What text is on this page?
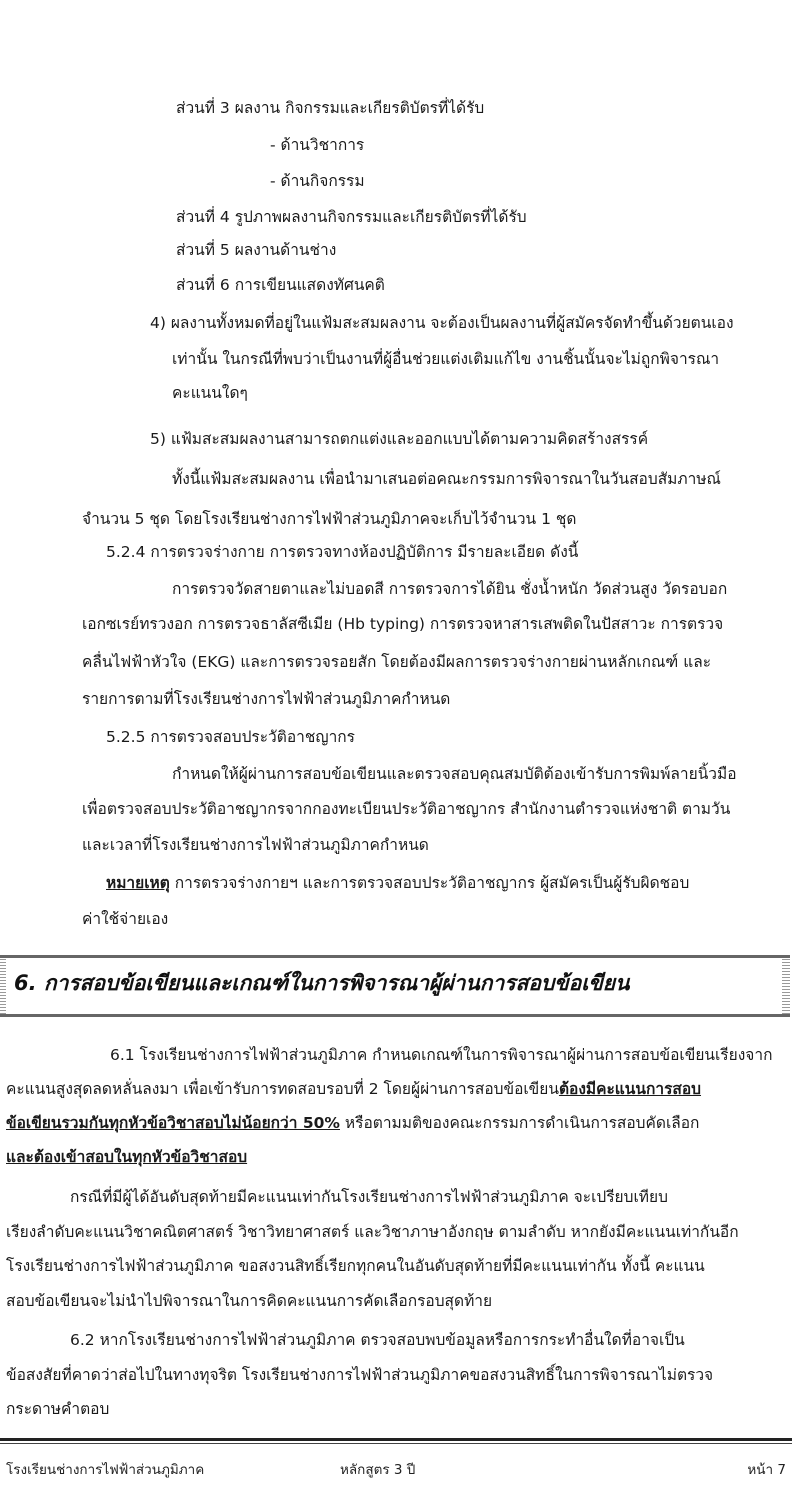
ส่วนที่ 3 ผลงาน กิจกรรมและเกียรติบัตรที่ได้รับ
- ด้านวิชาการ
- ด้านกิจกรรม
ส่วนที่ 4 รูปภาพผลงานกิจกรรมและเกียรติบัตรที่ได้รับ
ส่วนที่ 5 ผลงานด้านช่าง
ส่วนที่ 6 การเขียนแสดงทัศนคติ
4) ผลงานทั้งหมดที่อยู่ในแฟ้มสะสมผลงาน จะต้องเป็นผลงานที่ผู้สมัครจัดทำขึ้นด้วยตนเอง
เท่านั้น ในกรณีที่พบว่าเป็นงานที่ผู้อื่นช่วยแต่งเติมแก้ไข งานชิ้นนั้นจะไม่ถูกพิจารณา
คะแนนใดๆ
5) แฟ้มสะสมผลงานสามารถตกแต่งและออกแบบได้ตามความคิดสร้างสรรค์
ทั้งนี้แฟ้มสะสมผลงาน เพื่อนำมาเสนอต่อคณะกรรมการพิจารณาในวันสอบสัมภาษณ์
จำนวน 5 ชุด โดยโรงเรียนช่างการไฟฟ้าส่วนภูมิภาคจะเก็บไว้จำนวน 1 ชุด
5.2.4 การตรวจร่างกาย การตรวจทางห้องปฏิบัติการ มีรายละเอียด ดังนี้
การตรวจวัดสายตาและไม่บอดสี การตรวจการได้ยิน ชั่งน้ำหนัก วัดส่วนสูง วัดรอบอก
เอกซเรย์ทรวงอก การตรวจธาลัสซีเมีย (Hb typing) การตรวจหาสารเสพติดในปัสสาวะ การตรวจ
คลื่นไฟฟ้าหัวใจ (EKG) และการตรวจรอยสัก โดยต้องมีผลการตรวจร่างกายผ่านหลักเกณฑ์ และ
รายการตามที่โรงเรียนช่างการไฟฟ้าส่วนภูมิภาคกำหนด
5.2.5 การตรวจสอบประวัติอาชญากร
กำหนดให้ผู้ผ่านการสอบข้อเขียนและตรวจสอบคุณสมบัติต้องเข้ารับการพิมพ์ลายนิ้วมือ
เพื่อตรวจสอบประวัติอาชญากรจากกองทะเบียนประวัติอาชญากร สำนักงานตำรวจแห่งชาติ ตามวัน
และเวลาที่โรงเรียนช่างการไฟฟ้าส่วนภูมิภาคกำหนด
หมายเหตุ การตรวจร่างกายฯ และการตรวจสอบประวัติอาชญากร ผู้สมัครเป็นผู้รับผิดชอบ
ค่าใช้จ่ายเอง
6. การสอบข้อเขียนและเกณฑ์ในการพิจารณาผู้ผ่านการสอบข้อเขียน
6.1 โรงเรียนช่างการไฟฟ้าส่วนภูมิภาค กำหนดเกณฑ์ในการพิจารณาผู้ผ่านการสอบข้อเขียนเรียงจาก
คะแนนสูงสุดลดหลั่นลงมา เพื่อเข้ารับการทดสอบรอบที่ 2 โดยผู้ผ่านการสอบข้อเขียนต้องมีคะแนนการสอบ
ข้อเขียนรวมกันทุกหัวข้อวิชาสอบไม่น้อยกว่า 50% หรือตามมติของคณะกรรมการดำเนินการสอบคัดเลือก
และต้องเข้าสอบในทุกหัวข้อวิชาสอบ
กรณีที่มีผู้ได้อันดับสุดท้ายมีคะแนนเท่ากันโรงเรียนช่างการไฟฟ้าส่วนภูมิภาค จะเปรียบเทียบ
เรียงลำดับคะแนนวิชาคณิตศาสตร์ วิชาวิทยาศาสตร์ และวิชาภาษาอังกฤษ ตามลำดับ หากยังมีคะแนนเท่ากันอีก
โรงเรียนช่างการไฟฟ้าส่วนภูมิภาค ขอสงวนสิทธิ์เรียกทุกคนในอันดับสุดท้ายที่มีคะแนนเท่ากัน ทั้งนี้ คะแนน
สอบข้อเขียนจะไม่นำไปพิจารณาในการคิดคะแนนการคัดเลือกรอบสุดท้าย
6.2 หากโรงเรียนช่างการไฟฟ้าส่วนภูมิภาค ตรวจสอบพบข้อมูลหรือการกระทำอื่นใดที่อาจเป็น
ข้อสงสัยที่คาดว่าส่อไปในทางทุจริต โรงเรียนช่างการไฟฟ้าส่วนภูมิภาคขอสงวนสิทธิ์ในการพิจารณาไม่ตรวจ
กระดาษคำตอบ
โรงเรียนช่างการไฟฟ้าส่วนภูมิภาค	หลักสูตร 3 ปี	หน้า 7
